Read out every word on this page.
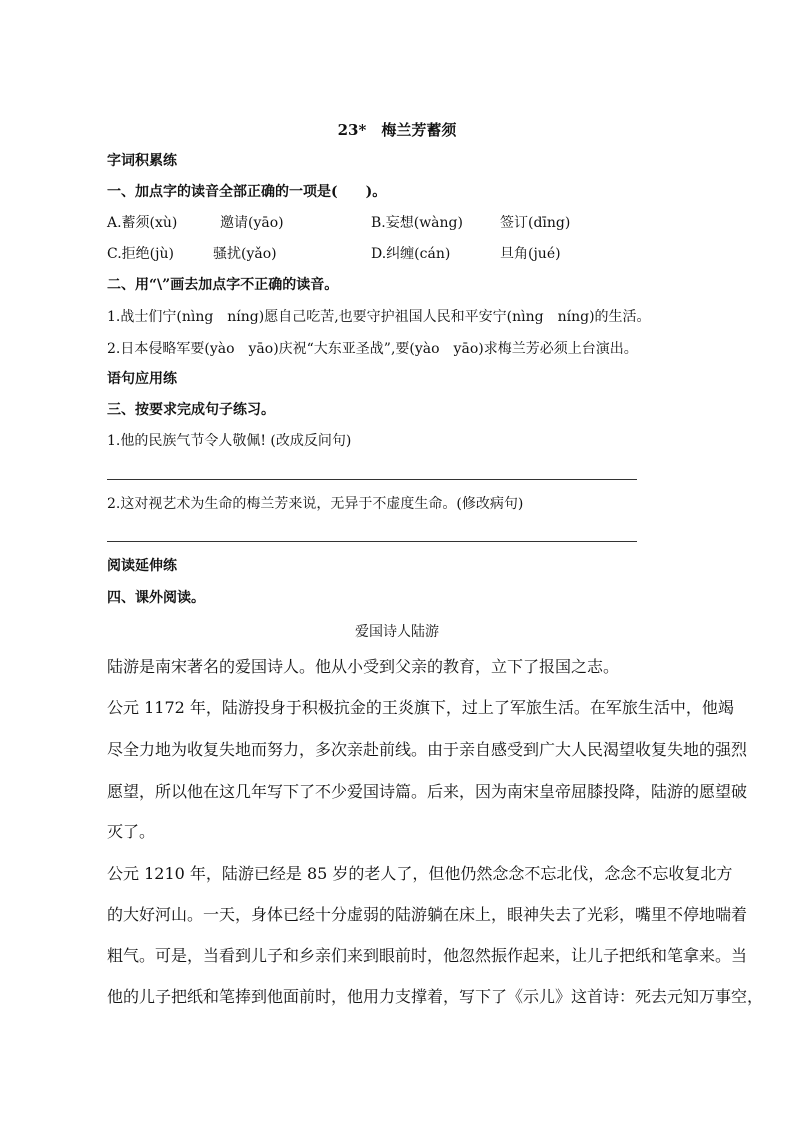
23*　梅兰芳蓄须
字词积累练
一、加点字的读音全部正确的一项是(　　)。
A.蓄须(xù)	邀请(yāo)	B.妄想(wàng)	签订(dīng)
C.拒绝(jù)	骚扰(yǎo)	D.纠缠(cán)	旦角(jué)
二、用“\”画去加点字不正确的读音。
1.战士们宁(nìng　níng)愿自己吃苦,也要守护祖国人民和平安宁(nìng　níng)的生活。
2.日本侵略军要(yào　yāo)庆祝“大东亚圣战”,要(yào　yāo)求梅兰芳必须上台演出。
语句应用练
三、按要求完成句子练习。
1.他的民族气节令人敬佩! (改成反问句)
2.这对视艺术为生命的梅兰芳来说，无异于不虚度生命。(修改病句)
阅读延伸练
四、课外阅读。
爱国诗人陆游
陆游是南宋著名的爱国诗人。他从小受到父亲的教育，立下了报国之志。
公元 1172 年，陆游投身于积极抗金的王炎旗下，过上了军旅生活。在军旅生活中，他竭
尽全力地为收复失地而努力，多次亲赴前线。由于亲自感受到广大人民渴望收复失地的强烈
愿望，所以他在这几年写下了不少爱国诗篇。后来，因为南宋皇帝屈膝投降，陆游的愿望破
灭了。
公元 1210 年，陆游已经是 85 岁的老人了，但他仍然念念不忘北伐，念念不忘收复北方
的大好河山。一天，身体已经十分虚弱的陆游躺在床上，眼神失去了光彩，嘴里不停地喘着
粗气。可是，当看到儿子和乡亲们来到眼前时，他忽然振作起来，让儿子把纸和笔拿来。当
他的儿子把纸和笔捧到他面前时，他用力支撑着，写下了《示儿》这首诗：死去元知万事空，
